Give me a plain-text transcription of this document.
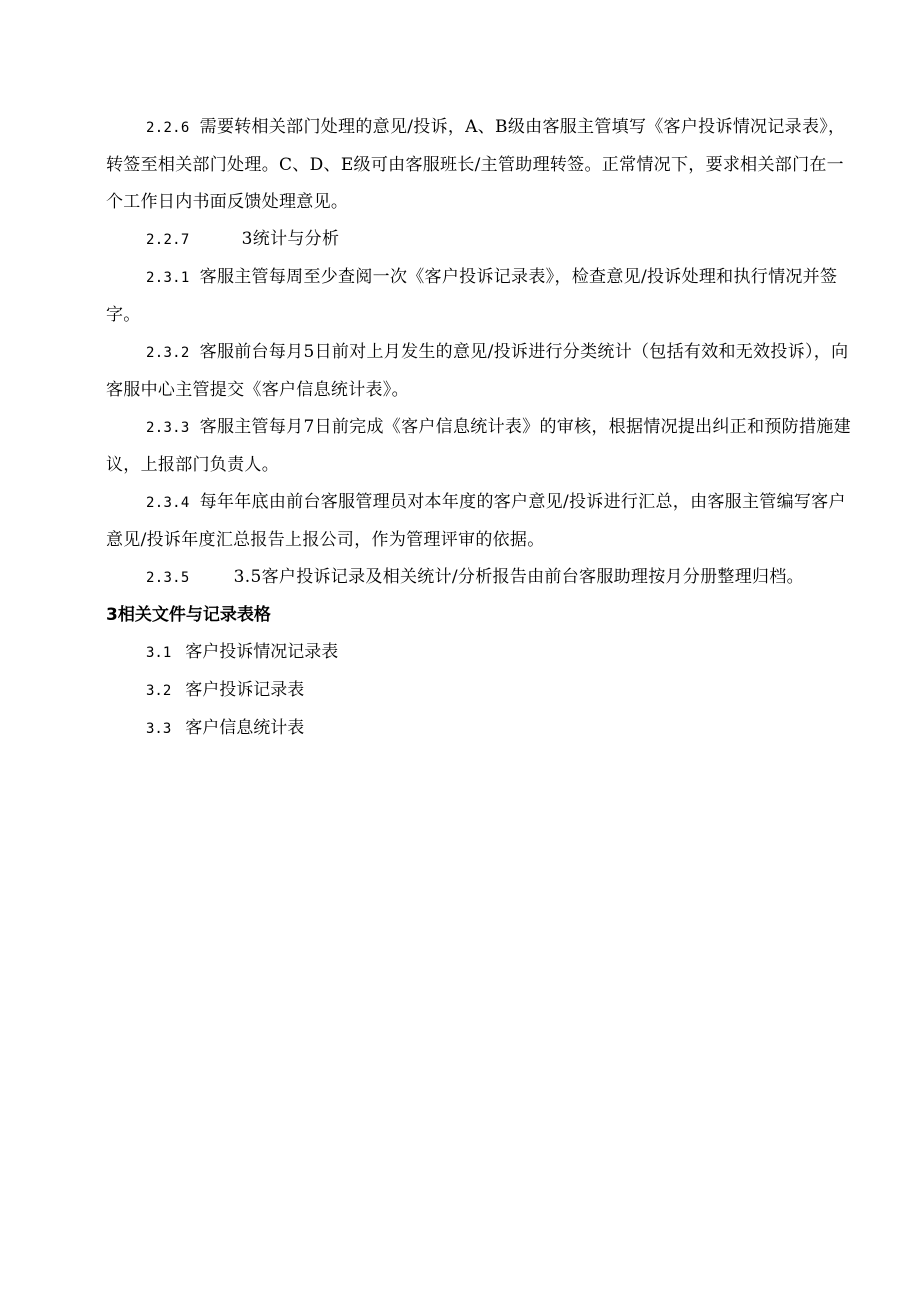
2.2.6 需要转相关部门处理的意见/投诉，A、B级由客服主管填写《客户投诉情况记录表》，转签至相关部门处理。C、D、E级可由客服班长/主管助理转签。正常情况下，要求相关部门在一个工作日内书面反馈处理意见。

2.2.7	3统计与分析

2.3.1 客服主管每周至少查阅一次《客户投诉记录表》，检查意见/投诉处理和执行情况并签字。

2.3.2 客服前台每月5日前对上月发生的意见/投诉进行分类统计（包括有效和无效投诉），向客服中心主管提交《客户信息统计表》。

2.3.3 客服主管每月7日前完成《客户信息统计表》的审核，根据情况提出纠正和预防措施建议，上报部门负责人。

2.3.4 每年年底由前台客服管理员对本年度的客户意见/投诉进行汇总，由客服主管编写客户意见/投诉年度汇总报告上报公司，作为管理评审的依据。

2.3.5	3.5客户投诉记录及相关统计/分析报告由前台客服助理按月分册整理归档。

3相关文件与记录表格

3.1 客户投诉情况记录表

3.2 客户投诉记录表

3.3 客户信息统计表
